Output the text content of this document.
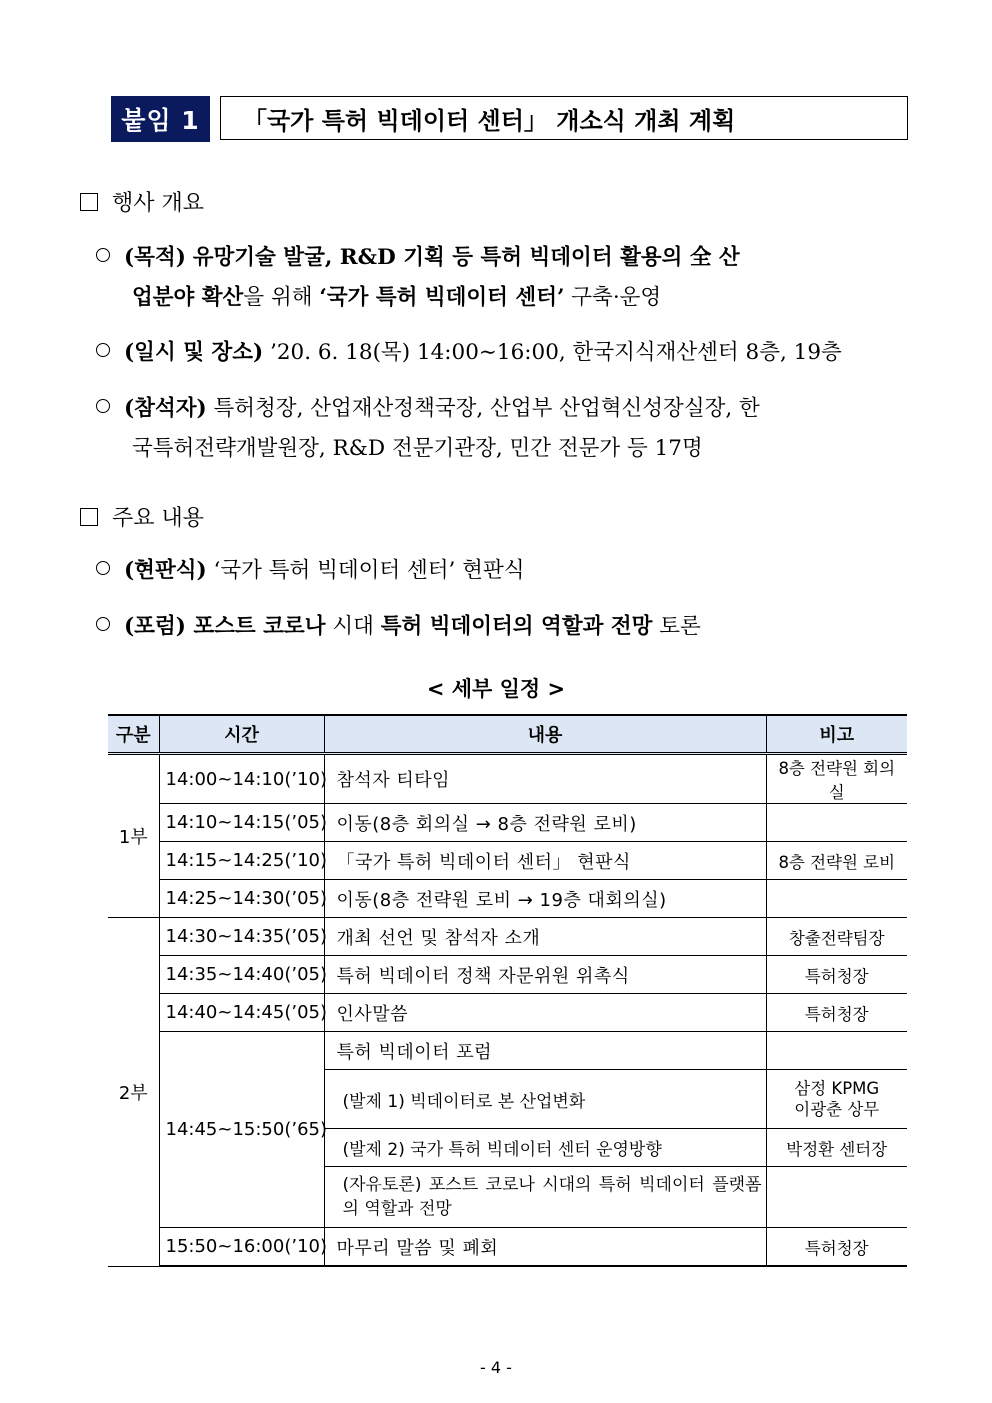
붙임 1	「국가 특허 빅데이터 센터」 개소식 개최 계획
행사 개요
(목적) 유망기술 발굴, R&D 기획 등 특허 빅데이터 활용의 全 산
업분야 확산을 위해 ‘국가 특허 빅데이터 센터’ 구축·운영
(일시 및 장소) ’20. 6. 18(목) 14:00∼16:00, 한국지식재산센터 8층, 19층
(참석자) 특허청장, 산업재산정책국장, 산업부 산업혁신성장실장, 한
국특허전략개발원장, R&D 전문기관장, 민간 전문가 등 17명
주요 내용
(현판식) ‘국가 특허 빅데이터 센터’ 현판식
(포럼) 포스트 코로나 시대 특허 빅데이터의 역할과 전망 토론
< 세부 일정 >
구분	시간	내용	비고
1부	14:00~14:10(’10)	참석자 티타임	8층 전략원 회의실
	14:10~14:15(’05)	이동(8층 회의실 → 8층 전략원 로비)	
	14:15~14:25(’10)	「국가 특허 빅데이터 센터」 현판식	8층 전략원 로비
	14:25~14:30(’05)	이동(8층 전략원 로비 → 19층 대회의실)	
2부	14:30~14:35(’05)	개최 선언 및 참석자 소개	창출전략팀장
	14:35~14:40(’05)	특허 빅데이터 정책 자문위원 위촉식	특허청장
	14:40~14:45(’05)	인사말씀	특허청장
	14:45~15:50(’65)	특허 빅데이터 포럼	
		(발제 1) 빅데이터로 본 산업변화	삼정 KPMG
이광춘 상무

		(발제 2) 국가 특허 빅데이터 센터 운영방향	박정환 센터장
		(자유토론) 포스트 코로나 시대의 특허 빅데이터 플랫폼의 역할과 전망	
	15:50~16:00(’10)	마무리 말씀 및 폐회	특허청장
- 4 -
